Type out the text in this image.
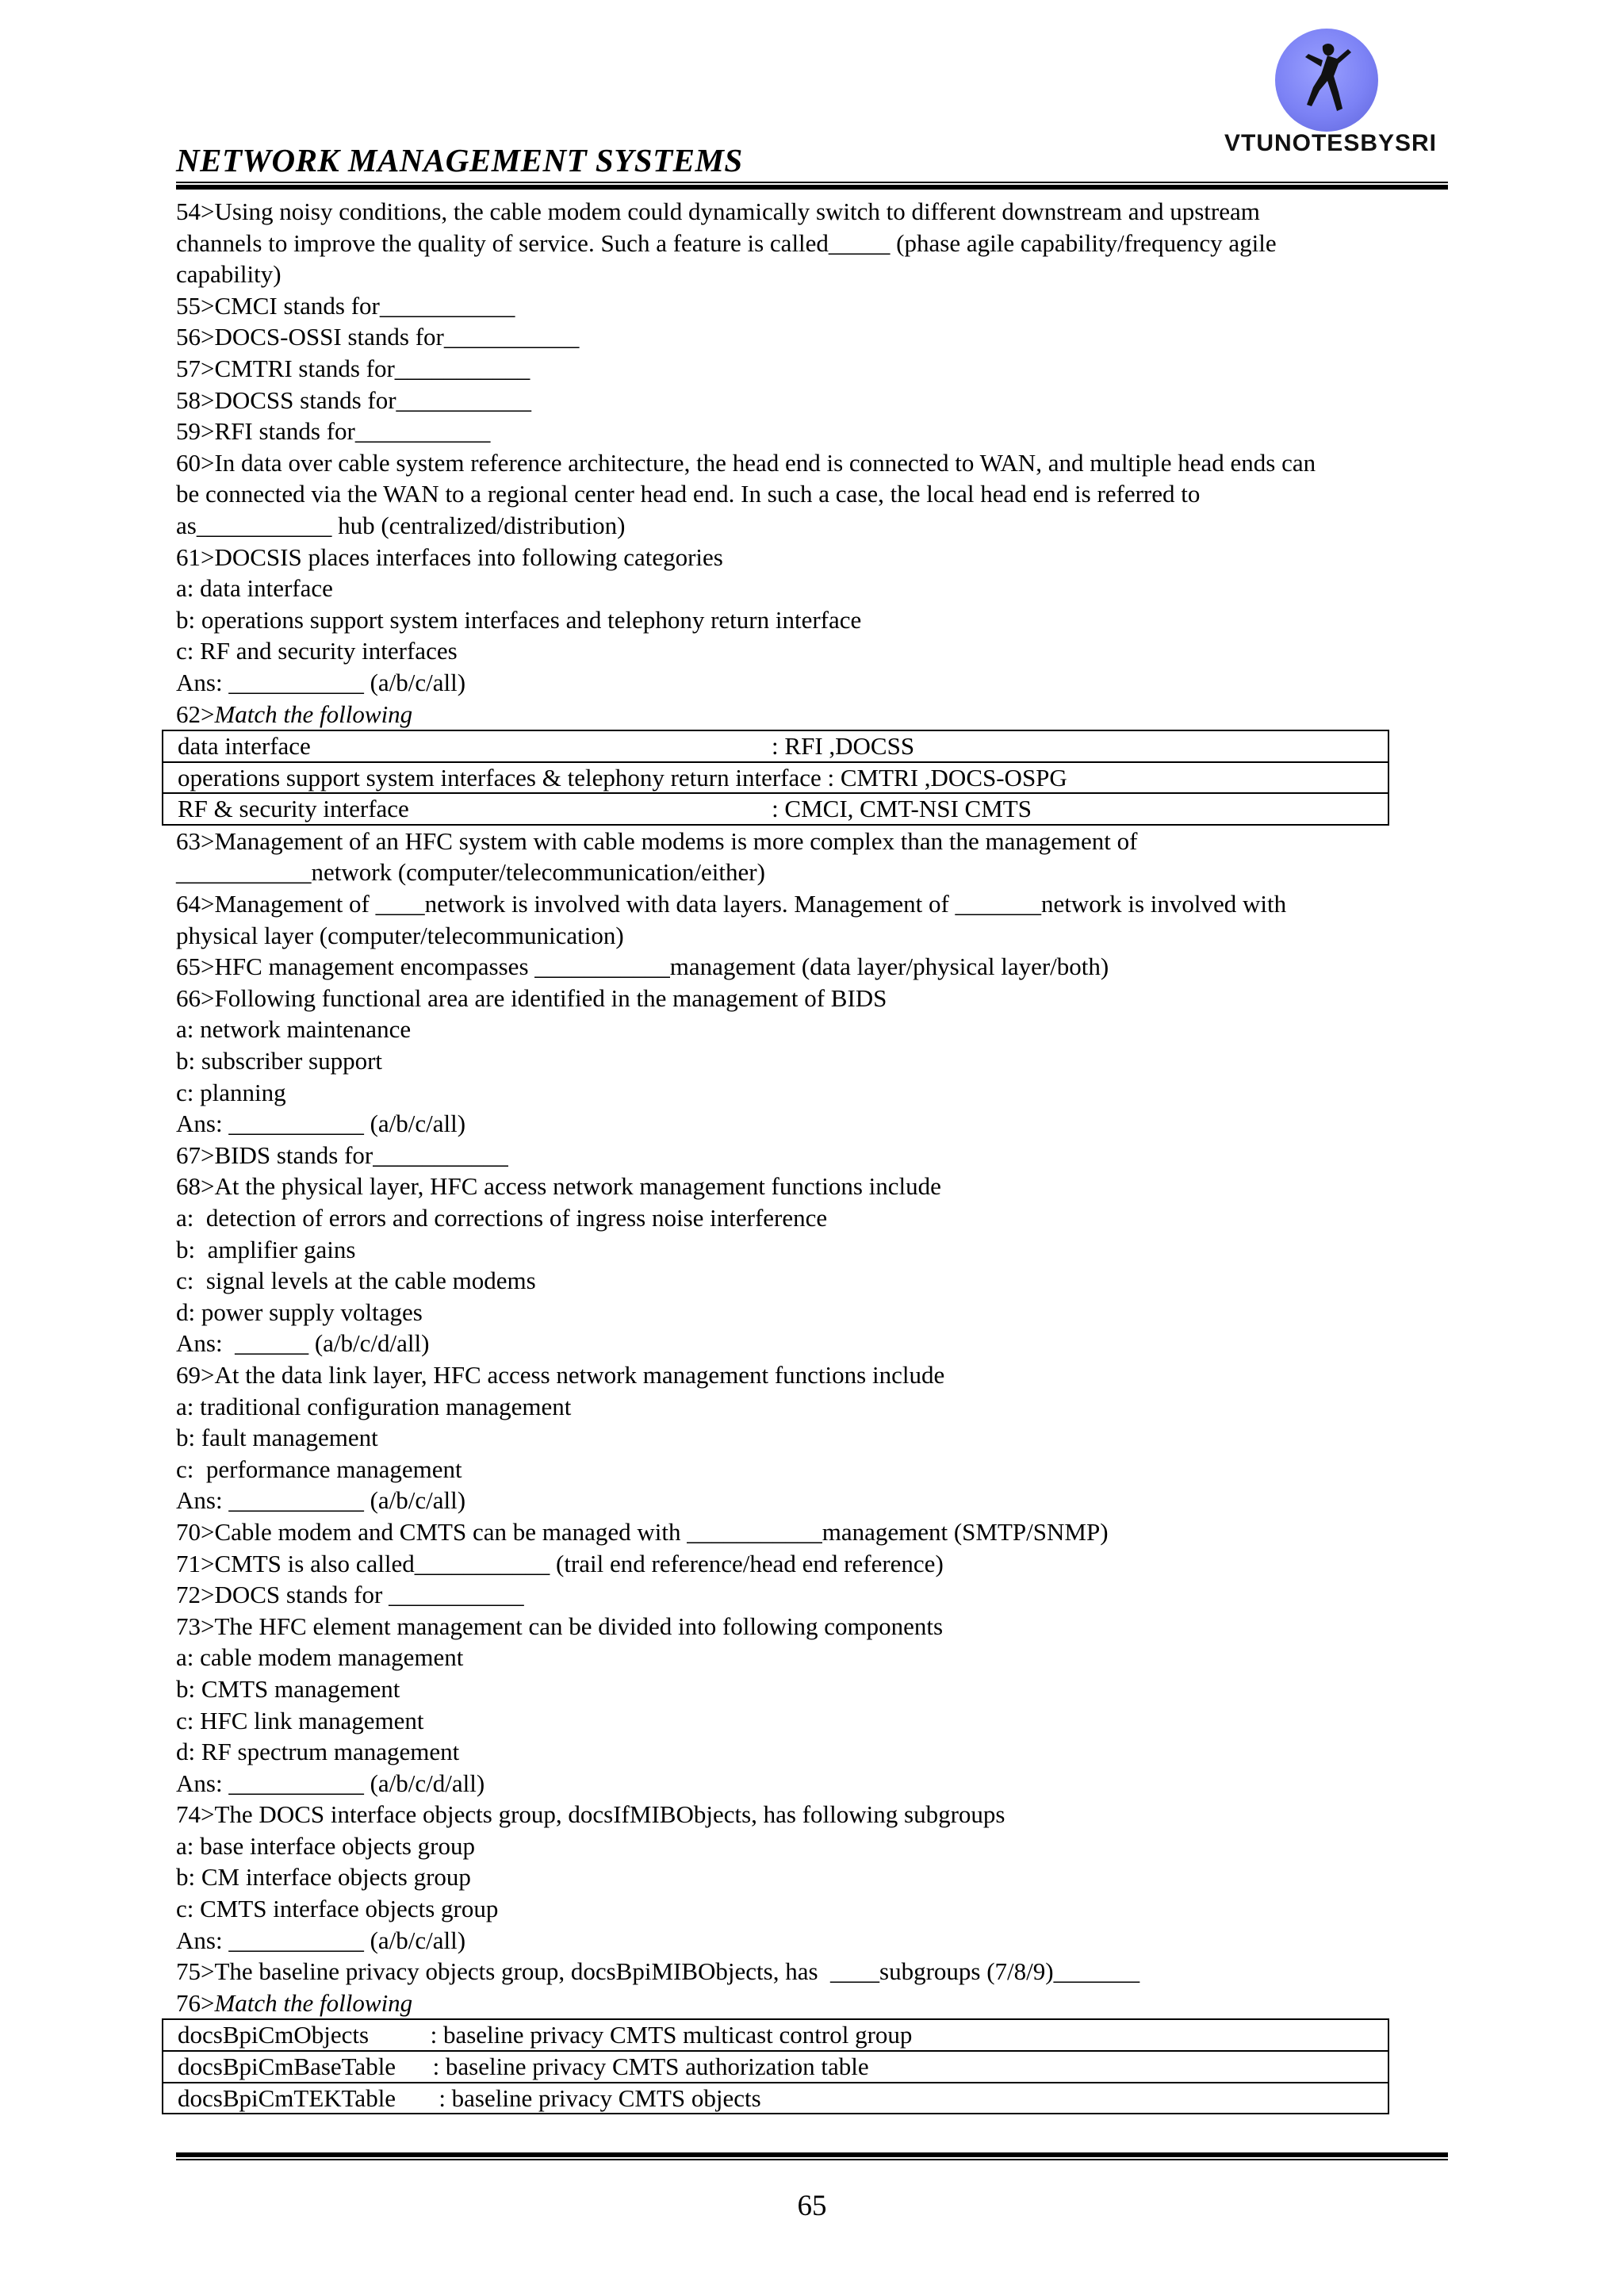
VTUNOTESBYSRI
NETWORK MANAGEMENT SYSTEMS
54>Using noisy conditions, the cable modem could dynamically switch to different downstream and upstream
channels to improve the quality of service. Such a feature is called_____ (phase agile capability/frequency agile
capability)
55>CMCI stands for___________
56>DOCS-OSSI stands for___________
57>CMTRI stands for___________
58>DOCSS stands for___________
59>RFI stands for___________
60>In data over cable system reference architecture, the head end is connected to WAN, and multiple head ends can
be connected via the WAN to a regional center head end. In such a case, the local head end is referred to
as___________ hub (centralized/distribution)
61>DOCSIS places interfaces into following categories
a: data interface
b: operations support system interfaces and telephony return interface
c: RF and security interfaces
Ans: ___________ (a/b/c/all)
62>Match the following
data interface                                                                           : RFI ,DOCSS
operations support system interfaces & telephony return interface : CMTRI ,DOCS-OSPG
RF & security interface                                                           : CMCI, CMT-NSI CMTS
63>Management of an HFC system with cable modems is more complex than the management of
___________network (computer/telecommunication/either)
64>Management of ____network is involved with data layers. Management of _______network is involved with
physical layer (computer/telecommunication)
65>HFC management encompasses ___________management (data layer/physical layer/both)
66>Following functional area are identified in the management of BIDS
a: network maintenance
b: subscriber support
c: planning
Ans: ___________ (a/b/c/all)
67>BIDS stands for___________
68>At the physical layer, HFC access network management functions include
a:  detection of errors and corrections of ingress noise interference
b:  amplifier gains
c:  signal levels at the cable modems
d: power supply voltages
Ans:  ______ (a/b/c/d/all)
69>At the data link layer, HFC access network management functions include
a: traditional configuration management
b: fault management
c:  performance management
Ans: ___________ (a/b/c/all)
70>Cable modem and CMTS can be managed with ___________management (SMTP/SNMP)
71>CMTS is also called___________ (trail end reference/head end reference)
72>DOCS stands for ___________
73>The HFC element management can be divided into following components
a: cable modem management
b: CMTS management
c: HFC link management
d: RF spectrum management
Ans: ___________ (a/b/c/d/all)
74>The DOCS interface objects group, docsIfMIBObjects, has following subgroups
a: base interface objects group
b: CM interface objects group
c: CMTS interface objects group
Ans: ___________ (a/b/c/all)
75>The baseline privacy objects group, docsBpiMIBObjects, has  ____subgroups (7/8/9)_______
76>Match the following
docsBpiCmObjects          : baseline privacy CMTS multicast control group
docsBpiCmBaseTable      : baseline privacy CMTS authorization table
docsBpiCmTEKTable       : baseline privacy CMTS objects
65
